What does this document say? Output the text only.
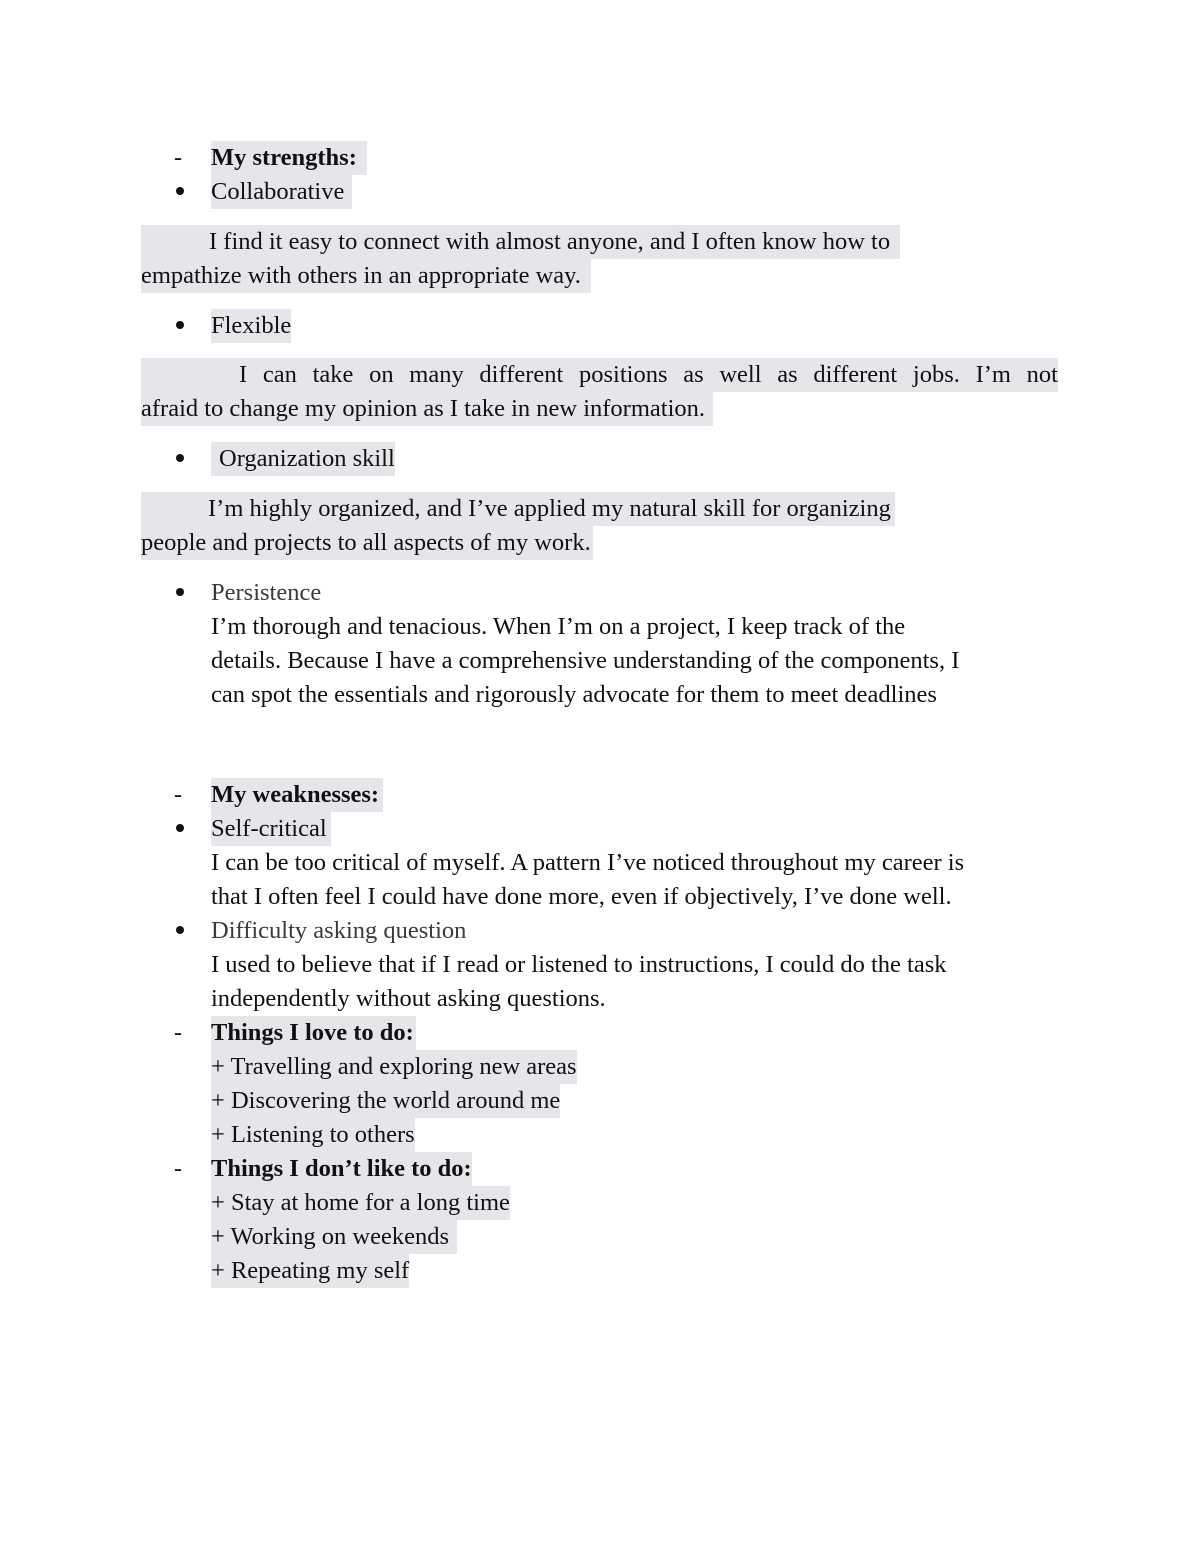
- My strengths:
Collaborative
I find it easy to connect with almost anyone, and I often know how to
empathize with others in an appropriate way.
Flexible
I can take on many different positions as well as different jobs. I’m not
afraid to change my opinion as I take in new information.
Organization skill
I’m highly organized, and I’ve applied my natural skill for organizing
people and projects to all aspects of my work.
Persistence
I’m thorough and tenacious. When I’m on a project, I keep track of the
details. Because I have a comprehensive understanding of the components, I
can spot the essentials and rigorously advocate for them to meet deadlines
- My weaknesses:
Self-critical
I can be too critical of myself. A pattern I’ve noticed throughout my career is
that I often feel I could have done more, even if objectively, I’ve done well.
Difficulty asking question
I used to believe that if I read or listened to instructions, I could do the task
independently without asking questions.
- Things I love to do:
+ Travelling and exploring new areas
+ Discovering the world around me
+ Listening to others
- Things I don’t like to do:
+ Stay at home for a long time
+ Working on weekends
+ Repeating my self
